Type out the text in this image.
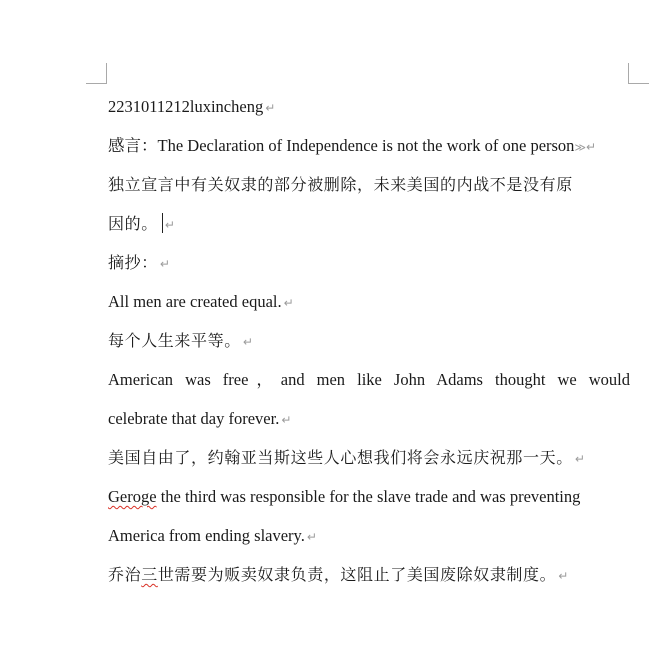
2231011212luxincheng ↵
感言：The Declaration of Independence is not the work of one person≫ ↵
独立宣言中有关奴隶的部分被删除，未来美国的内战不是没有原
因的。 ↵
摘抄： ↵
All men are created equal. ↵
每个人生来平等。 ↵
American was free，and men like John Adams thought we would
celebrate that day forever. ↵
美国自由了，约翰亚当斯这些人心想我们将会永远庆祝那一天。 ↵
Geroge the third was responsible for the slave trade and was preventing
America from ending slavery. ↵
乔治三世需要为贩卖奴隶负责，这阻止了美国废除奴隶制度。 ↵
